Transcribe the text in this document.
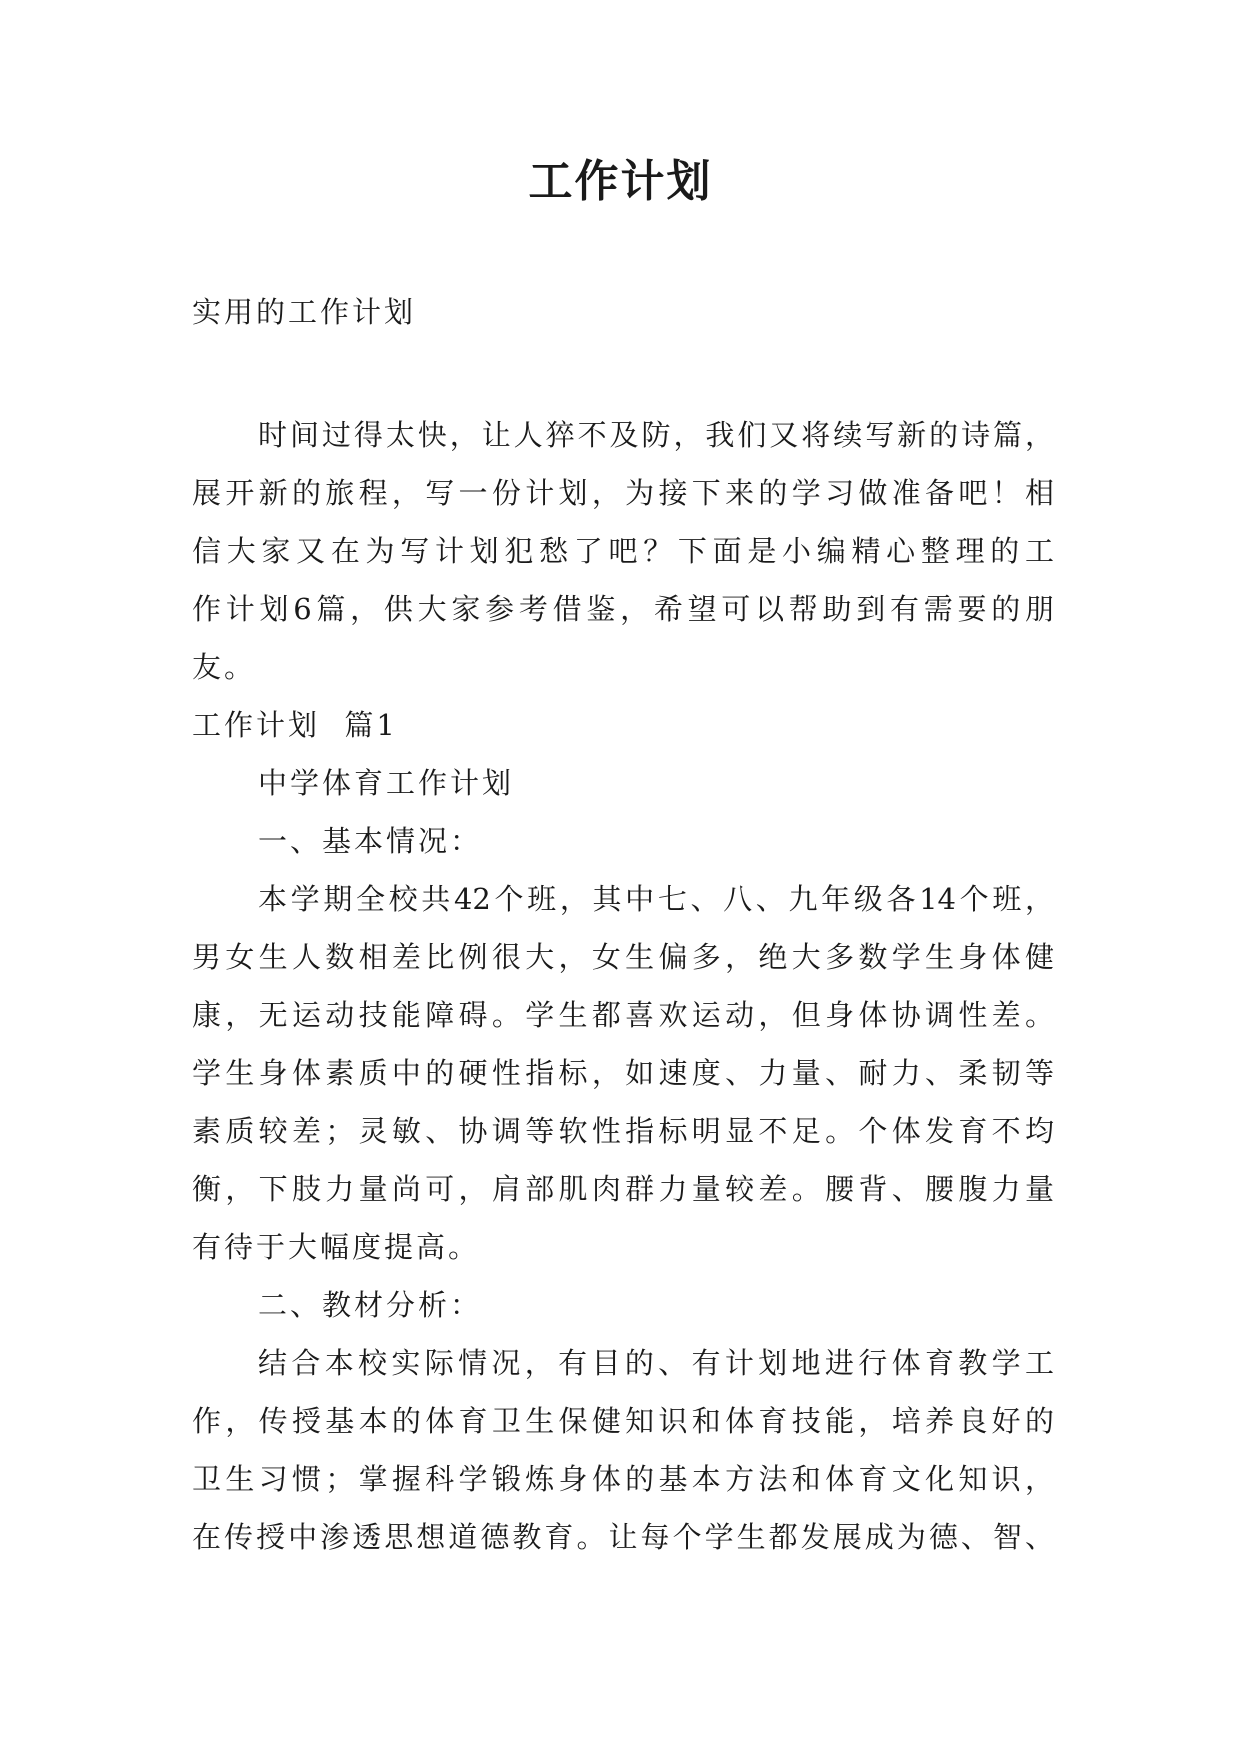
工作计划
实用的工作计划
时间过得太快，让人猝不及防，我们又将续写新的诗篇，
展开新的旅程，写一份计划，为接下来的学习做准备吧！相
信大家又在为写计划犯愁了吧？下面是小编精心整理的工
作计划6篇，供大家参考借鉴，希望可以帮助到有需要的朋
友。
工作计划  篇1
中学体育工作计划
一、基本情况：
本学期全校共42个班，其中七、八、九年级各14个班，
男女生人数相差比例很大，女生偏多，绝大多数学生身体健
康，无运动技能障碍。学生都喜欢运动，但身体协调性差。
学生身体素质中的硬性指标，如速度、力量、耐力、柔韧等
素质较差；灵敏、协调等软性指标明显不足。个体发育不均
衡，下肢力量尚可，肩部肌肉群力量较差。腰背、腰腹力量
有待于大幅度提高。
二、教材分析：
结合本校实际情况，有目的、有计划地进行体育教学工
作，传授基本的体育卫生保健知识和体育技能，培养良好的
卫生习惯；掌握科学锻炼身体的基本方法和体育文化知识，
在传授中渗透思想道德教育。让每个学生都发展成为德、智、
